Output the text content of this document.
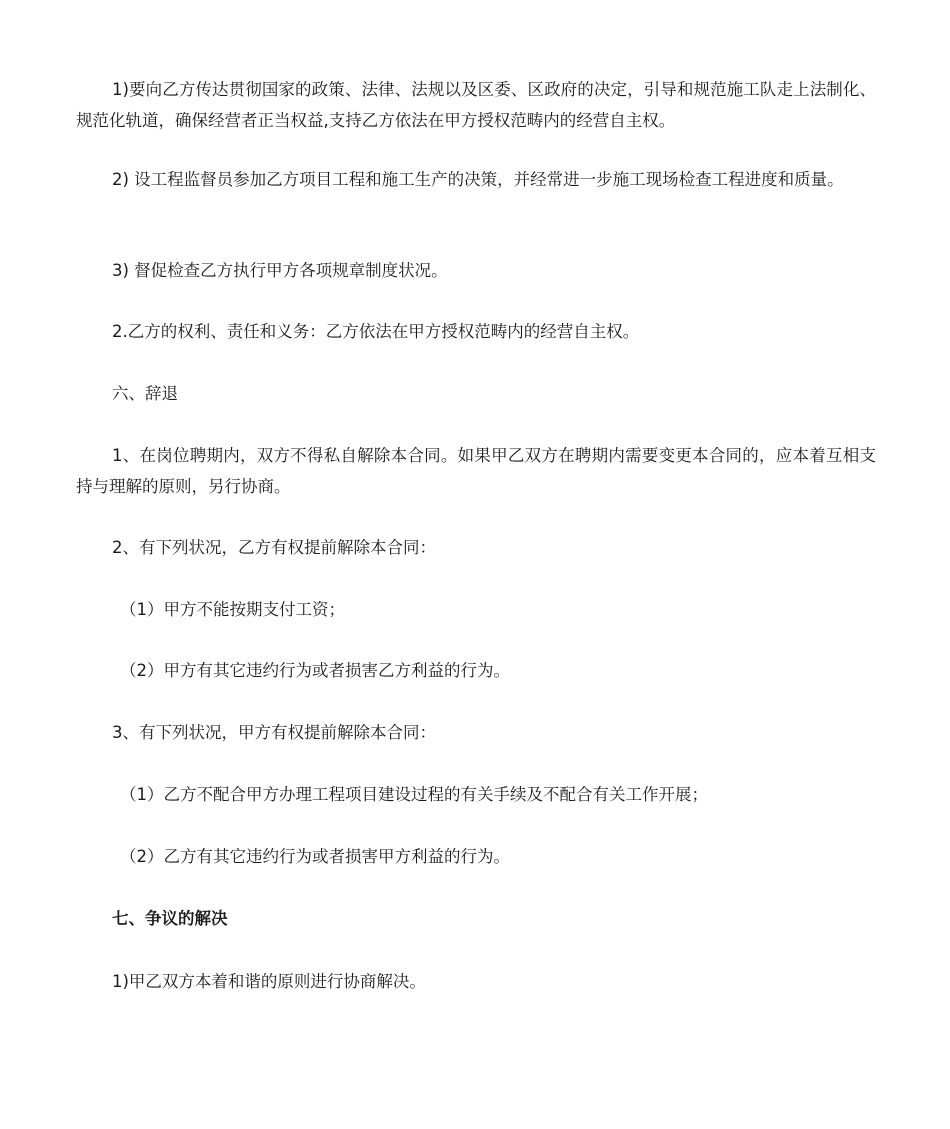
1)要向乙方传达贯彻国家的政策、法律、法规以及区委、区政府的决定，引导和规范施工队走上法制化、规范化轨道，确保经营者正当权益,支持乙方依法在甲方授权范畴内的经营自主权。

2) 设工程监督员参加乙方项目工程和施工生产的决策，并经常进一步施工现场检查工程进度和质量。

3) 督促检查乙方执行甲方各项规章制度状况。

2.乙方的权利、责任和义务：乙方依法在甲方授权范畴内的经营自主权。

六、辞退

1、在岗位聘期内，双方不得私自解除本合同。如果甲乙双方在聘期内需要变更本合同的，应本着互相支持与理解的原则，另行协商。

2、有下列状况，乙方有权提前解除本合同：

（1）甲方不能按期支付工资；

（2）甲方有其它违约行为或者损害乙方利益的行为。

3、有下列状况，甲方有权提前解除本合同：

（1）乙方不配合甲方办理工程项目建设过程的有关手续及不配合有关工作开展；

（2）乙方有其它违约行为或者损害甲方利益的行为。

七、争议的解决

1)甲乙双方本着和谐的原则进行协商解决。
